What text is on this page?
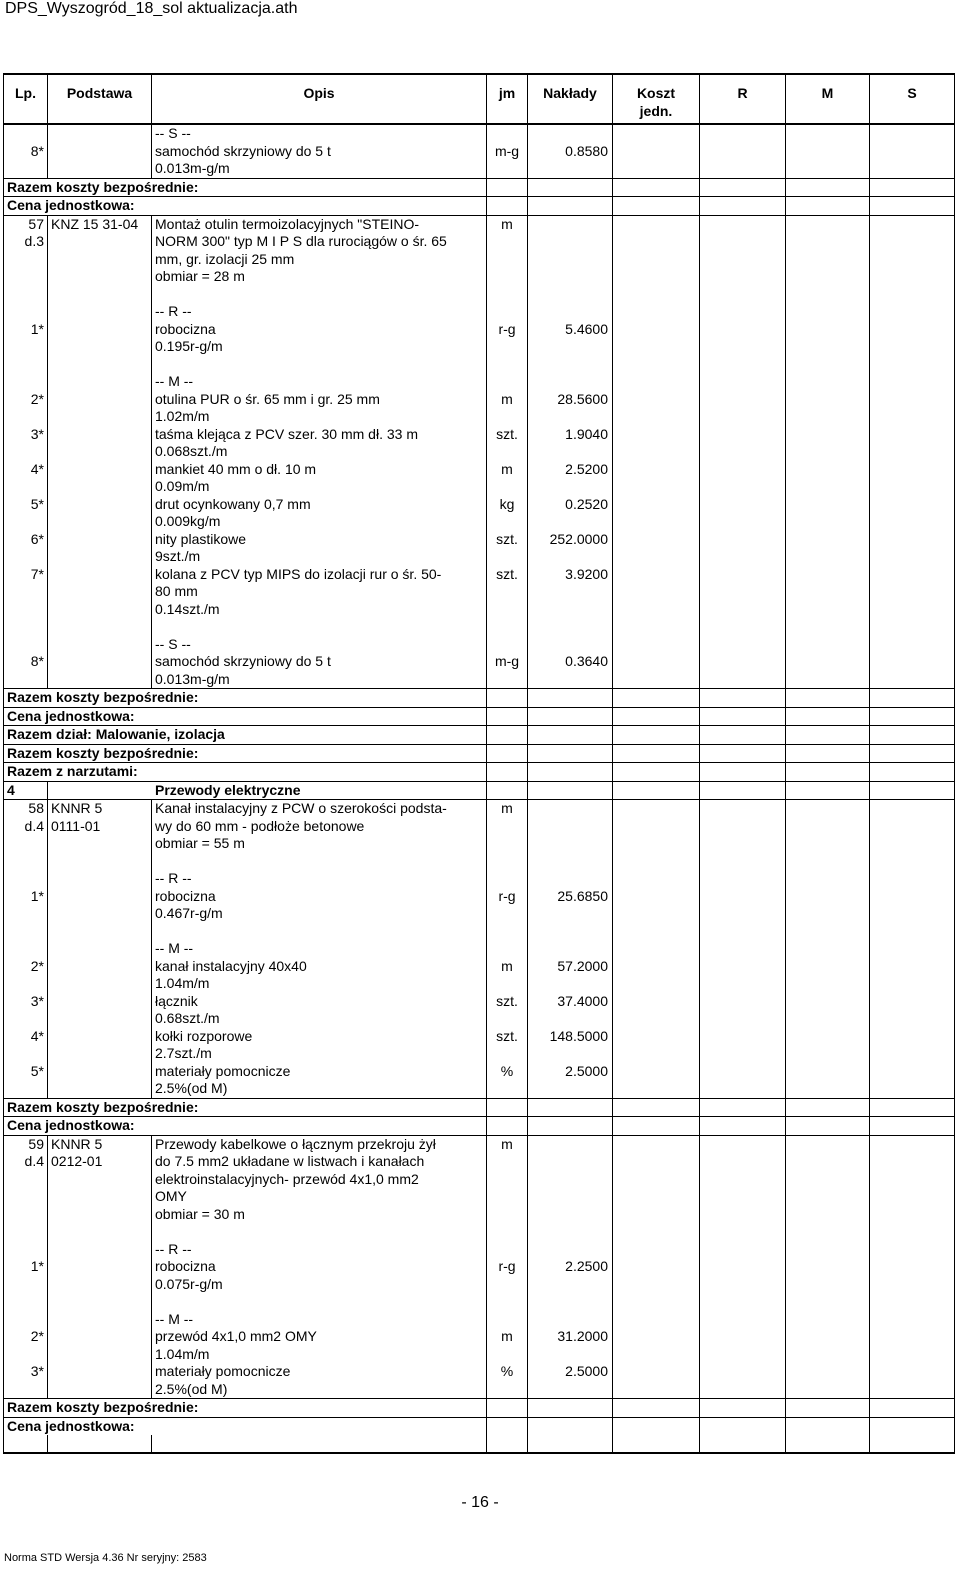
DPS_Wyszogród_18_sol aktualizacja.ath
Lp.	Podstawa	Opis	jm	Nakłady	Koszt jedn.	R	M	S
		-- S --						
8*		samochód skrzyniowy do 5 t	m-g	0.8580				
		0.013m-g/m						
Razem koszty bezpośrednie:								
Cena jednostkowa:								
57	KNZ 15 31-04	Montaż otulin termoizolacyjnych "STEINO-	m					
d.3		NORM 300" typ M I P S dla rurociągów o śr. 65						
		mm, gr. izolacji 25 mm						
		obmiar = 28 m						

		-- R --						
1*		robocizna	r-g	5.4600				
		0.195r-g/m						

		-- M --						
2*		otulina PUR o śr. 65 mm i gr. 25 mm	m	28.5600				
		1.02m/m						
3*		taśma klejąca z PCV szer. 30 mm dł. 33 m	szt.	1.9040				
		0.068szt./m						
4*		mankiet 40 mm o dł. 10 m	m	2.5200				
		0.09m/m						
5*		drut ocynkowany 0,7 mm	kg	0.2520				
		0.009kg/m						
6*		nity plastikowe	szt.	252.0000				
		9szt./m						
7*		kolana z PCV typ MIPS do izolacji rur o śr. 50-	szt.	3.9200				
		80 mm						
		0.14szt./m						

		-- S --						
8*		samochód skrzyniowy do 5 t	m-g	0.3640				
		0.013m-g/m						
Razem koszty bezpośrednie:								
Cena jednostkowa:								
Razem dział: Malowanie, izolacja								
Razem koszty bezpośrednie:								
Razem z narzutami:								
4	Przewody elektryczne							
58	KNNR 5	Kanał instalacyjny z PCW o szerokości podsta-	m					
d.4	0111-01	wy do 60 mm - podłoże betonowe						
		obmiar = 55 m						

		-- R --						
1*		robocizna	r-g	25.6850				
		0.467r-g/m						

		-- M --						
2*		kanał instalacyjny 40x40	m	57.2000				
		1.04m/m						
3*		łącznik	szt.	37.4000				
		0.68szt./m						
4*		kołki rozporowe	szt.	148.5000				
		2.7szt./m						
5*		materiały pomocnicze	%	2.5000				
		2.5%(od M)						
Razem koszty bezpośrednie:								
Cena jednostkowa:								
59	KNNR 5	Przewody kabelkowe o łącznym przekroju żył	m					
d.4	0212-01	do 7.5 mm2 układane w listwach i kanałach						
		elektroinstalacyjnych- przewód 4x1,0 mm2						
		OMY						
		obmiar = 30 m						

		-- R --						
1*		robocizna	r-g	2.2500				
		0.075r-g/m						

		-- M --						
2*		przewód 4x1,0 mm2 OMY	m	31.2000				
		1.04m/m						
3*		materiały pomocnicze	%	2.5000				
		2.5%(od M)						
Razem koszty bezpośrednie:								
Cena jednostkowa:								

- 16 -
Norma STD Wersja 4.36 Nr seryjny: 2583
